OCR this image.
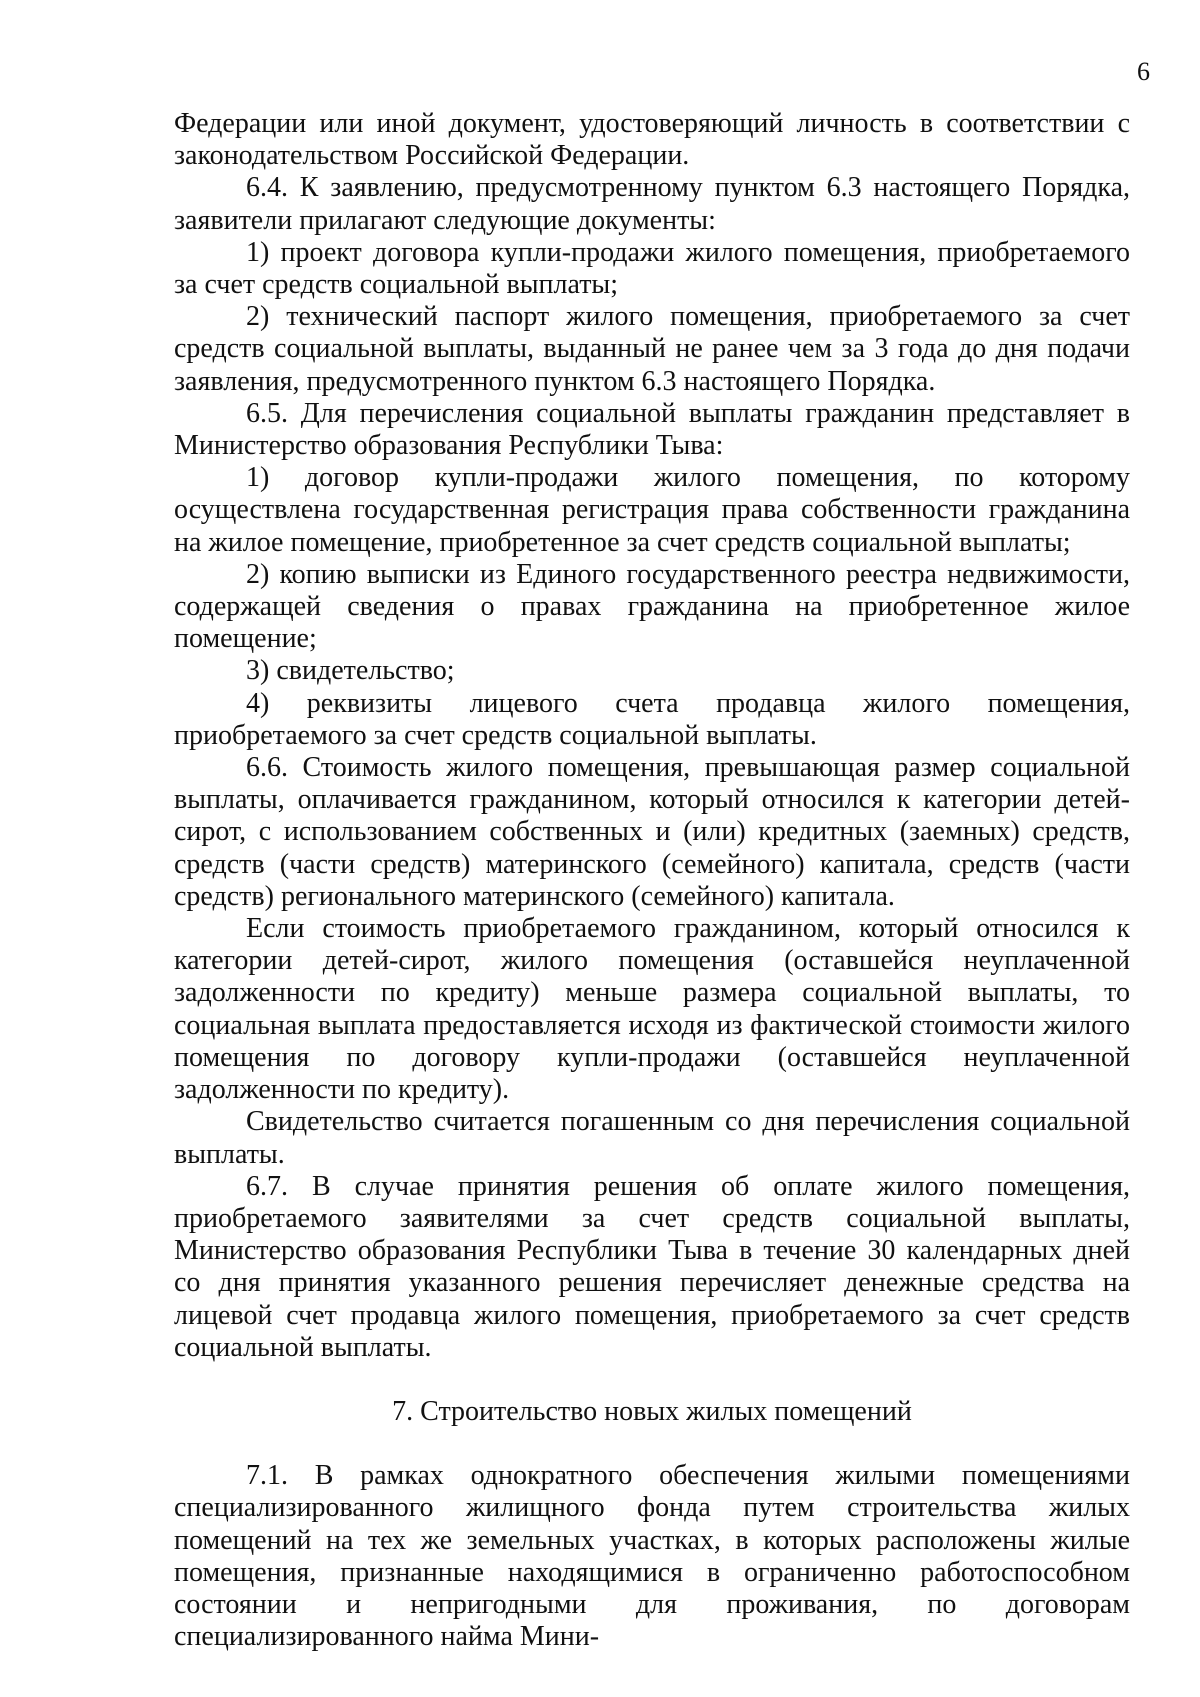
6

Федерации или иной документ, удостоверяющий личность в соответствии с законодательством Российской Федерации.

6.4. К заявлению, предусмотренному пунктом 6.3 настоящего Порядка, заявители прилагают следующие документы:

1) проект договора купли-продажи жилого помещения, приобретаемого за счет средств социальной выплаты;

2) технический паспорт жилого помещения, приобретаемого за счет средств социальной выплаты, выданный не ранее чем за 3 года до дня подачи заявления, предусмотренного пунктом 6.3 настоящего Порядка.

6.5. Для перечисления социальной выплаты гражданин представляет в Министерство образования Республики Тыва:

1) договор купли-продажи жилого помещения, по которому осуществлена государственная регистрация права собственности гражданина на жилое помещение, приобретенное за счет средств социальной выплаты;

2) копию выписки из Единого государственного реестра недвижимости, содержащей сведения о правах гражданина на приобретенное жилое помещение;

3) свидетельство;

4) реквизиты лицевого счета продавца жилого помещения, приобретаемого за счет средств социальной выплаты.

6.6. Стоимость жилого помещения, превышающая размер социальной выплаты, оплачивается гражданином, который относился к категории детей-сирот, с использованием собственных и (или) кредитных (заемных) средств, средств (части средств) материнского (семейного) капитала, средств (части средств) регионального материнского (семейного) капитала.

Если стоимость приобретаемого гражданином, который относился к категории детей-сирот, жилого помещения (оставшейся неуплаченной задолженности по кредиту) меньше размера социальной выплаты, то социальная выплата предоставляется исходя из фактической стоимости жилого помещения по договору купли-продажи (оставшейся неуплаченной задолженности по кредиту).

Свидетельство считается погашенным со дня перечисления социальной выплаты.

6.7. В случае принятия решения об оплате жилого помещения, приобретаемого заявителями за счет средств социальной выплаты, Министерство образования Республики Тыва в течение 30 календарных дней со дня принятия указанного решения перечисляет денежные средства на лицевой счет продавца жилого помещения, приобретаемого за счет средств социальной выплаты.

7. Строительство новых жилых помещений

7.1. В рамках однократного обеспечения жилыми помещениями специализированного жилищного фонда путем строительства жилых помещений на тех же земельных участках, в которых расположены жилые помещения, признанные находящимися в ограниченно работоспособном состоянии и непригодными для проживания, по договорам специализированного найма Мини-
